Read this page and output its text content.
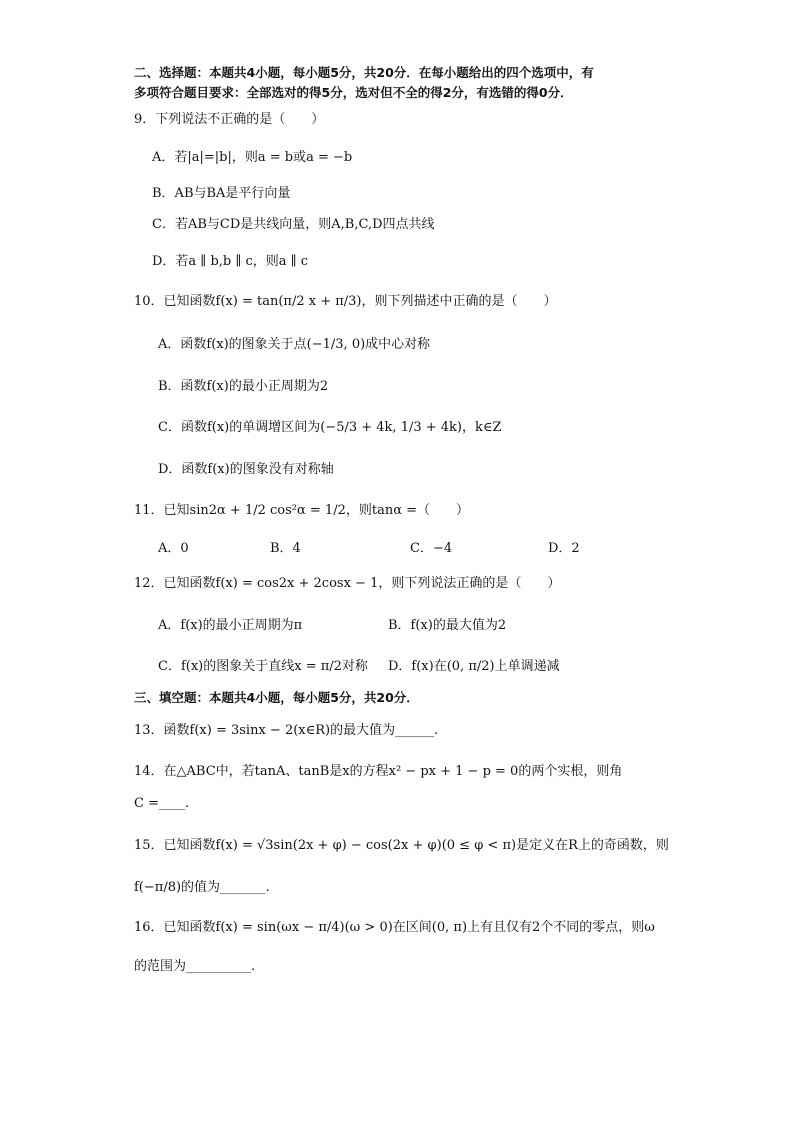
二、选择题：本题共4小题，每小题5分，共20分．在每小题给出的四个选项中，有
多项符合题目要求：全部选对的得5分，选对但不全的得2分，有选错的得0分．
9．下列说法不正确的是（　　）
A．若|a|=|b|，则a = b或a = −b
B．AB与BA是平行向量
C．若AB与CD是共线向量，则A,B,C,D四点共线
D．若a ∥ b,b ∥ c，则a ∥ c
10．已知函数f(x) = tan(π/2 x + π/3)，则下列描述中正确的是（　　）
A．函数f(x)的图象关于点(−1/3, 0)成中心对称
B．函数f(x)的最小正周期为2
C．函数f(x)的单调增区间为(−5/3 + 4k, 1/3 + 4k)，k∈Z
D．函数f(x)的图象没有对称轴
11．已知sin2α + 1/2 cos²α = 1/2，则tanα =（　　）
A．0	B．4	C．−4	D．2
12．已知函数f(x) = cos2x + 2cosx − 1，则下列说法正确的是（　　）
A．f(x)的最小正周期为π	B．f(x)的最大值为2
C．f(x)的图象关于直线x = π/2对称 D．f(x)在(0, π/2)上单调递减
三、填空题：本题共4小题，每小题5分，共20分．
13．函数f(x) = 3sinx − 2(x∈R)的最大值为______.
14．在△ABC中，若tanA、tanB是x的方程x² − px + 1 − p = 0的两个实根，则角
C =____.
15．已知函数f(x) = √3sin(2x + φ) − cos(2x + φ)(0 ≤ φ < π)是定义在R上的奇函数，则
f(−π/8)的值为_______.
16．已知函数f(x) = sin(ωx − π/4)(ω > 0)在区间(0, π)上有且仅有2个不同的零点，则ω
的范围为__________.
